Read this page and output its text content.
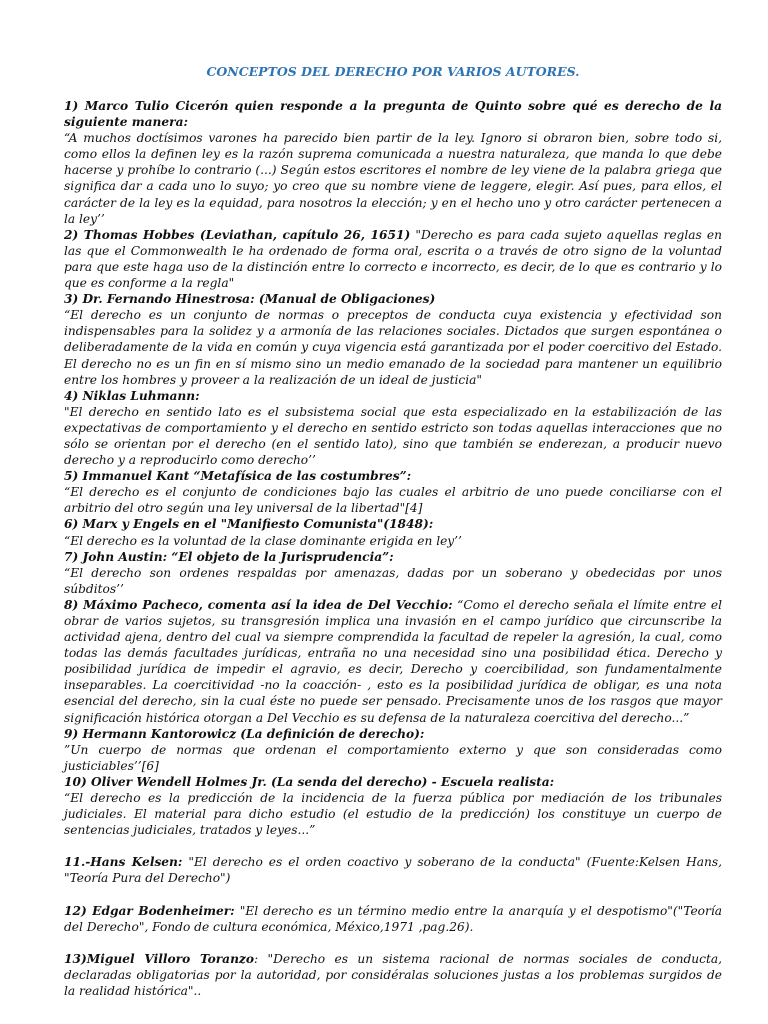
CONCEPTOS DEL DERECHO POR VARIOS AUTORES.

1) Marco Tulio Cicerón quien responde a la pregunta de Quinto sobre qué es derecho de la siguiente manera:
“A muchos doctísimos varones ha parecido bien partir de la ley. Ignoro si obraron bien, sobre todo si, como ellos la definen ley es la razón suprema comunicada a nuestra naturaleza, que manda lo que debe hacerse y prohíbe lo contrario (...) Según estos escritores el nombre de ley viene de la palabra griega que significa dar a cada uno lo suyo; yo creo que su nombre viene de leggere, elegir. Así pues, para ellos, el carácter de la ley es la equidad, para nosotros la elección; y en el hecho uno y otro carácter pertenecen a la ley’’

2) Thomas Hobbes (Leviathan, capítulo 26, 1651) "Derecho es para cada sujeto aquellas reglas en las que el Commonwealth le ha ordenado de forma oral, escrita o a través de otro signo de la voluntad para que este haga uso de la distinción entre lo correcto e incorrecto, es decir, de lo que es contrario y lo que es conforme a la regla"

3) Dr. Fernando Hinestrosa: (Manual de Obligaciones)
“El derecho es un conjunto de normas o preceptos de conducta cuya existencia y efectividad son indispensables para la solidez y a armonía de las relaciones sociales. Dictados que surgen espontánea o deliberadamente de la vida en común y cuya vigencia está garantizada por el poder coercitivo del Estado. El derecho no es un fin en sí mismo sino un medio emanado de la sociedad para mantener un equilibrio entre los hombres y proveer a la realización de un ideal de justicia"

4) Niklas Luhmann:
"El derecho en sentido lato es el subsistema social que esta especializado en la estabilización de las expectativas de comportamiento y el derecho en sentido estricto son todas aquellas interacciones que no sólo se orientan por el derecho (en el sentido lato), sino que también se enderezan, a producir nuevo derecho y a reproducirlo como derecho’’

5) Immanuel Kant “Metafísica de las costumbres”:
“El derecho es el conjunto de condiciones bajo las cuales el arbitrio de uno puede conciliarse con el arbitrio del otro según una ley universal de la libertad"[4]

6) Marx y Engels en el "Manifiesto Comunista"(1848):
“El derecho es la voluntad de la clase dominante erigida en ley’’

7) John Austin: “El objeto de la Jurisprudencia”:
“El derecho son ordenes respaldas por amenazas, dadas por un soberano y obedecidas por unos súbditos’’

8) Máximo Pacheco, comenta así la idea de Del Vecchio: “Como el derecho señala el límite entre el obrar de varios sujetos, su transgresión implica una invasión en el campo jurídico que circunscribe la actividad ajena, dentro del cual va siempre comprendida la facultad de repeler la agresión, la cual, como todas las demás facultades jurídicas, entraña no una necesidad sino una posibilidad ética. Derecho y posibilidad jurídica de impedir el agravio, es decir, Derecho y coercibilidad, son fundamentalmente inseparables. La coercitividad -no la coacción- , esto es la posibilidad jurídica de obligar, es una nota esencial del derecho, sin la cual éste no puede ser pensado. Precisamente unos de los rasgos que mayor significación histórica otorgan a Del Vecchio es su defensa de la naturaleza coercitiva del derecho...”

9) Hermann Kantorowicz (La definición de derecho):
”Un cuerpo de normas que ordenan el comportamiento externo y que son consideradas como justiciables’’[6]

10) Oliver Wendell Holmes Jr. (La senda del derecho) - Escuela realista:
“El derecho es la predicción de la incidencia de la fuerza pública por mediación de los tribunales judiciales. El material para dicho estudio (el estudio de la predicción) los constituye un cuerpo de sentencias judiciales, tratados y leyes...”

11.-Hans Kelsen: "El derecho es el orden coactivo y soberano de la conducta" (Fuente:Kelsen Hans, "Teoría Pura del Derecho")

12) Edgar Bodenheimer: "El derecho es un término medio entre la anarquía y el despotismo"("Teoría del Derecho", Fondo de cultura económica, México,1971 ,pag.26).

13)Miguel Villoro Toranzo: "Derecho es un sistema racional de normas sociales de conducta, declaradas obligatorias por la autoridad, por considéralas soluciones justas a los problemas surgidos de la realidad histórica"..
